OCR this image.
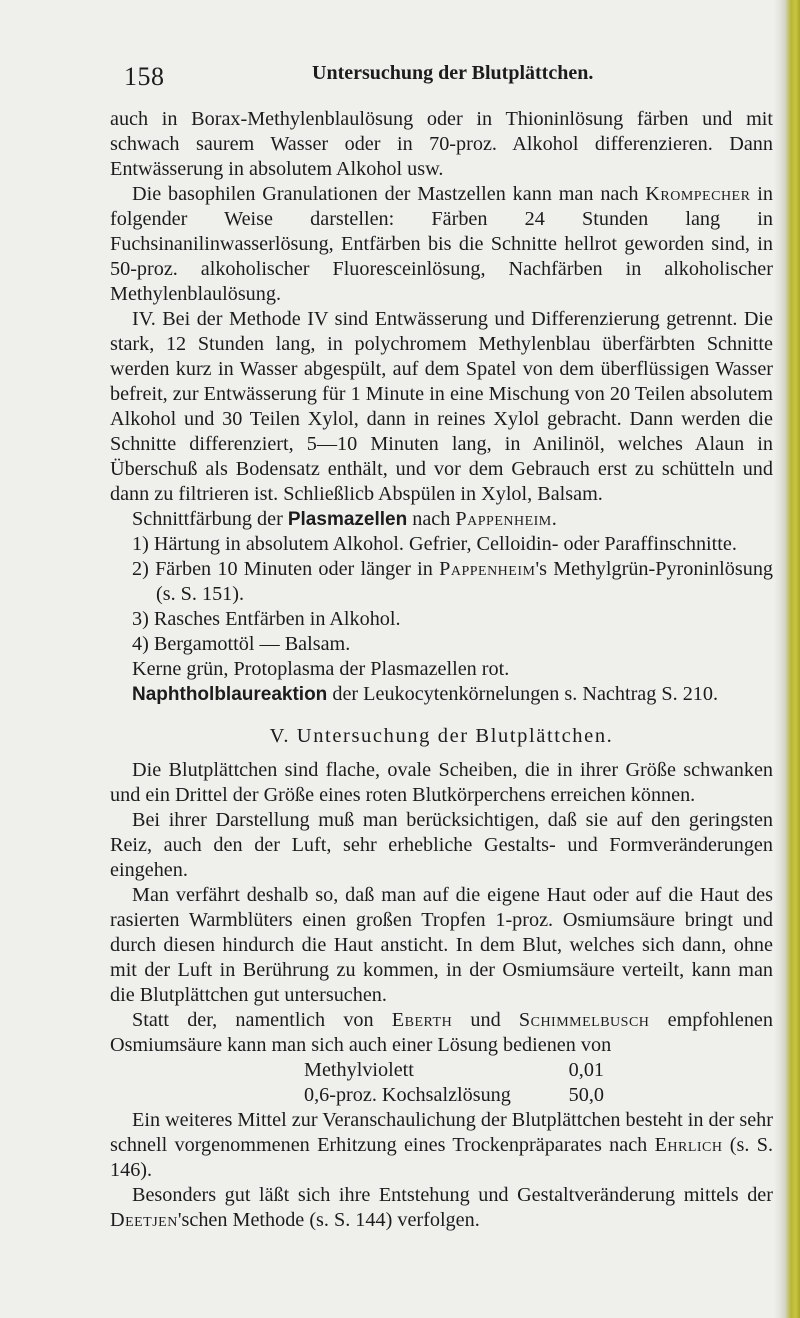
158	Untersuchung der Blutplättchen.

auch in Borax-Methylenblaulösung oder in Thioninlösung färben und mit schwach saurem Wasser oder in 70-proz. Alkohol differenzieren. Dann Entwässerung in absolutem Alkohol usw.

Die basophilen Granulationen der Mastzellen kann man nach Krompecher in folgender Weise darstellen: Färben 24 Stunden lang in Fuchsinanilinwasserlösung, Entfärben bis die Schnitte hellrot geworden sind, in 50-proz. alkoholischer Fluoresceinlösung, Nachfärben in alkoholischer Methylenblaulösung.

IV. Bei der Methode IV sind Entwässerung und Differenzierung getrennt. Die stark, 12 Stunden lang, in polychromem Methylenblau überfärbten Schnitte werden kurz in Wasser abgespült, auf dem Spatel von dem überflüssigen Wasser befreit, zur Entwässerung für 1 Minute in eine Mischung von 20 Teilen absolutem Alkohol und 30 Teilen Xylol, dann in reines Xylol gebracht. Dann werden die Schnitte differenziert, 5—10 Minuten lang, in Anilinöl, welches Alaun in Überschuß als Bodensatz enthält, und vor dem Gebrauch erst zu schütteln und dann zu filtrieren ist. Schließlicb Abspülen in Xylol, Balsam.

Schnittfärbung der Plasmazellen nach Pappenheim.

1) Härtung in absolutem Alkohol. Gefrier, Celloidin- oder Paraffinschnitte.

2) Färben 10 Minuten oder länger in Pappenheim's Methylgrün-Pyroninlösung (s. S. 151).

3) Rasches Entfärben in Alkohol.

4) Bergamottöl — Balsam.

Kerne grün, Protoplasma der Plasmazellen rot.

Naphtholblaureaktion der Leukocytenkörnelungen s. Nachtrag S. 210.

V. Untersuchung der Blutplättchen.

Die Blutplättchen sind flache, ovale Scheiben, die in ihrer Größe schwanken und ein Drittel der Größe eines roten Blutkörperchens erreichen können.

Bei ihrer Darstellung muß man berücksichtigen, daß sie auf den geringsten Reiz, auch den der Luft, sehr erhebliche Gestalts- und Formveränderungen eingehen.

Man verfährt deshalb so, daß man auf die eigene Haut oder auf die Haut des rasierten Warmblüters einen großen Tropfen 1-proz. Osmiumsäure bringt und durch diesen hindurch die Haut ansticht. In dem Blut, welches sich dann, ohne mit der Luft in Berührung zu kommen, in der Osmiumsäure verteilt, kann man die Blutplättchen gut untersuchen.

Statt der, namentlich von Eberth und Schimmelbusch empfohlenen Osmiumsäure kann man sich auch einer Lösung bedienen von

Methylviolett	0,01
0,6-proz. Kochsalzlösung	50,0

Ein weiteres Mittel zur Veranschaulichung der Blutplättchen besteht in der sehr schnell vorgenommenen Erhitzung eines Trockenpräparates nach Ehrlich (s. S. 146).

Besonders gut läßt sich ihre Entstehung und Gestaltveränderung mittels der Deetjen'schen Methode (s. S. 144) verfolgen.
